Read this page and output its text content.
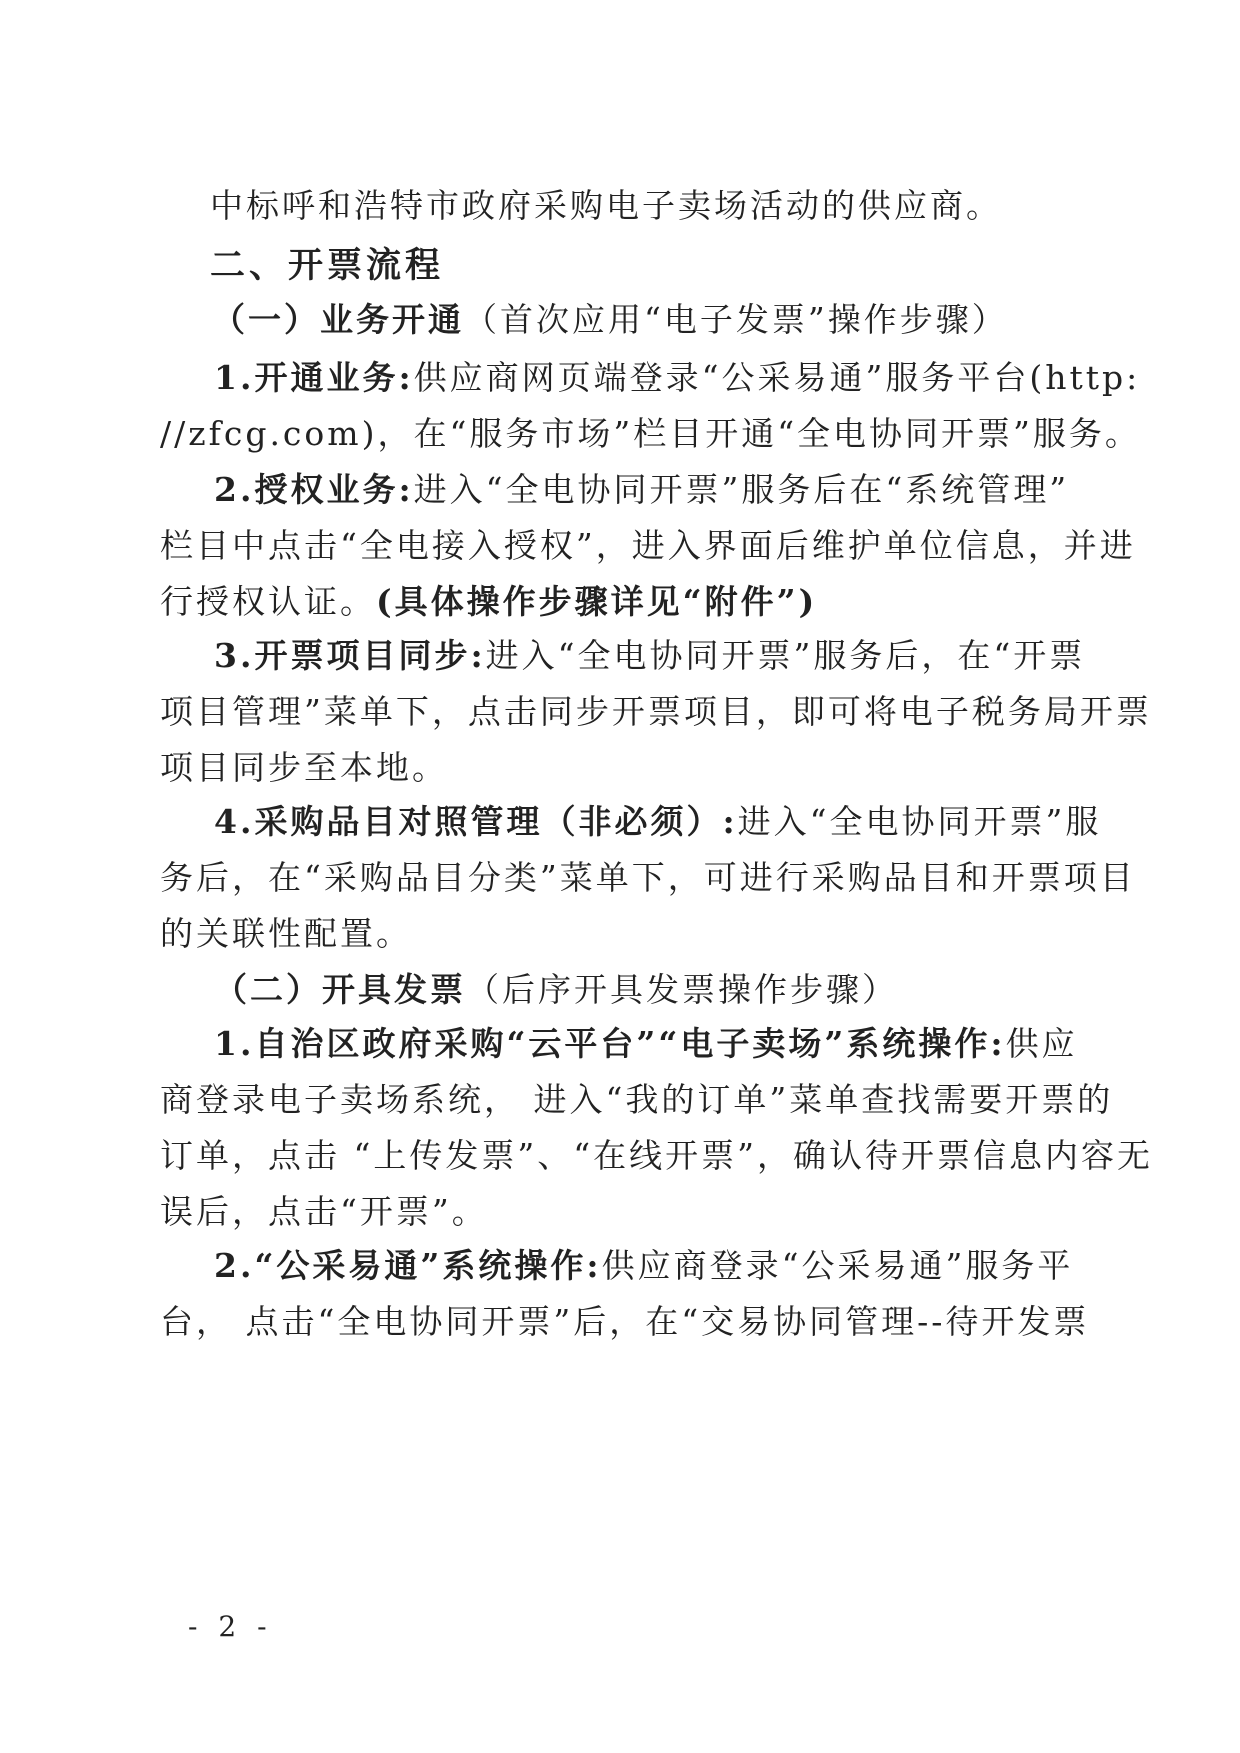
中标呼和浩特市政府采购电子卖场活动的供应商。
二、开票流程
（一）业务开通（首次应用“电子发票”操作步骤）
1.开通业务:供应商网页端登录“公采易通”服务平台(http:
//zfcg.com)，在“服务市场”栏目开通“全电协同开票”服务。
2.授权业务:进入“全电协同开票”服务后在“系统管理”
栏目中点击“全电接入授权”，进入界面后维护单位信息，并进
行授权认证。(具体操作步骤详见“附件”)
3.开票项目同步:进入“全电协同开票”服务后，在“开票
项目管理”菜单下，点击同步开票项目，即可将电子税务局开票
项目同步至本地。
4.采购品目对照管理（非必须）:进入“全电协同开票”服
务后，在“采购品目分类”菜单下，可进行采购品目和开票项目
的关联性配置。
（二）开具发票（后序开具发票操作步骤）
1.自治区政府采购“云平台”“电子卖场”系统操作:供应
商登录电子卖场系统， 进入“我的订单”菜单查找需要开票的
订单，点击 “上传发票”、“在线开票”，确认待开票信息内容无
误后，点击“开票”。
2.“公采易通”系统操作:供应商登录“公采易通”服务平
台， 点击“全电协同开票”后，在“交易协同管理--待开发票
- 2 -
